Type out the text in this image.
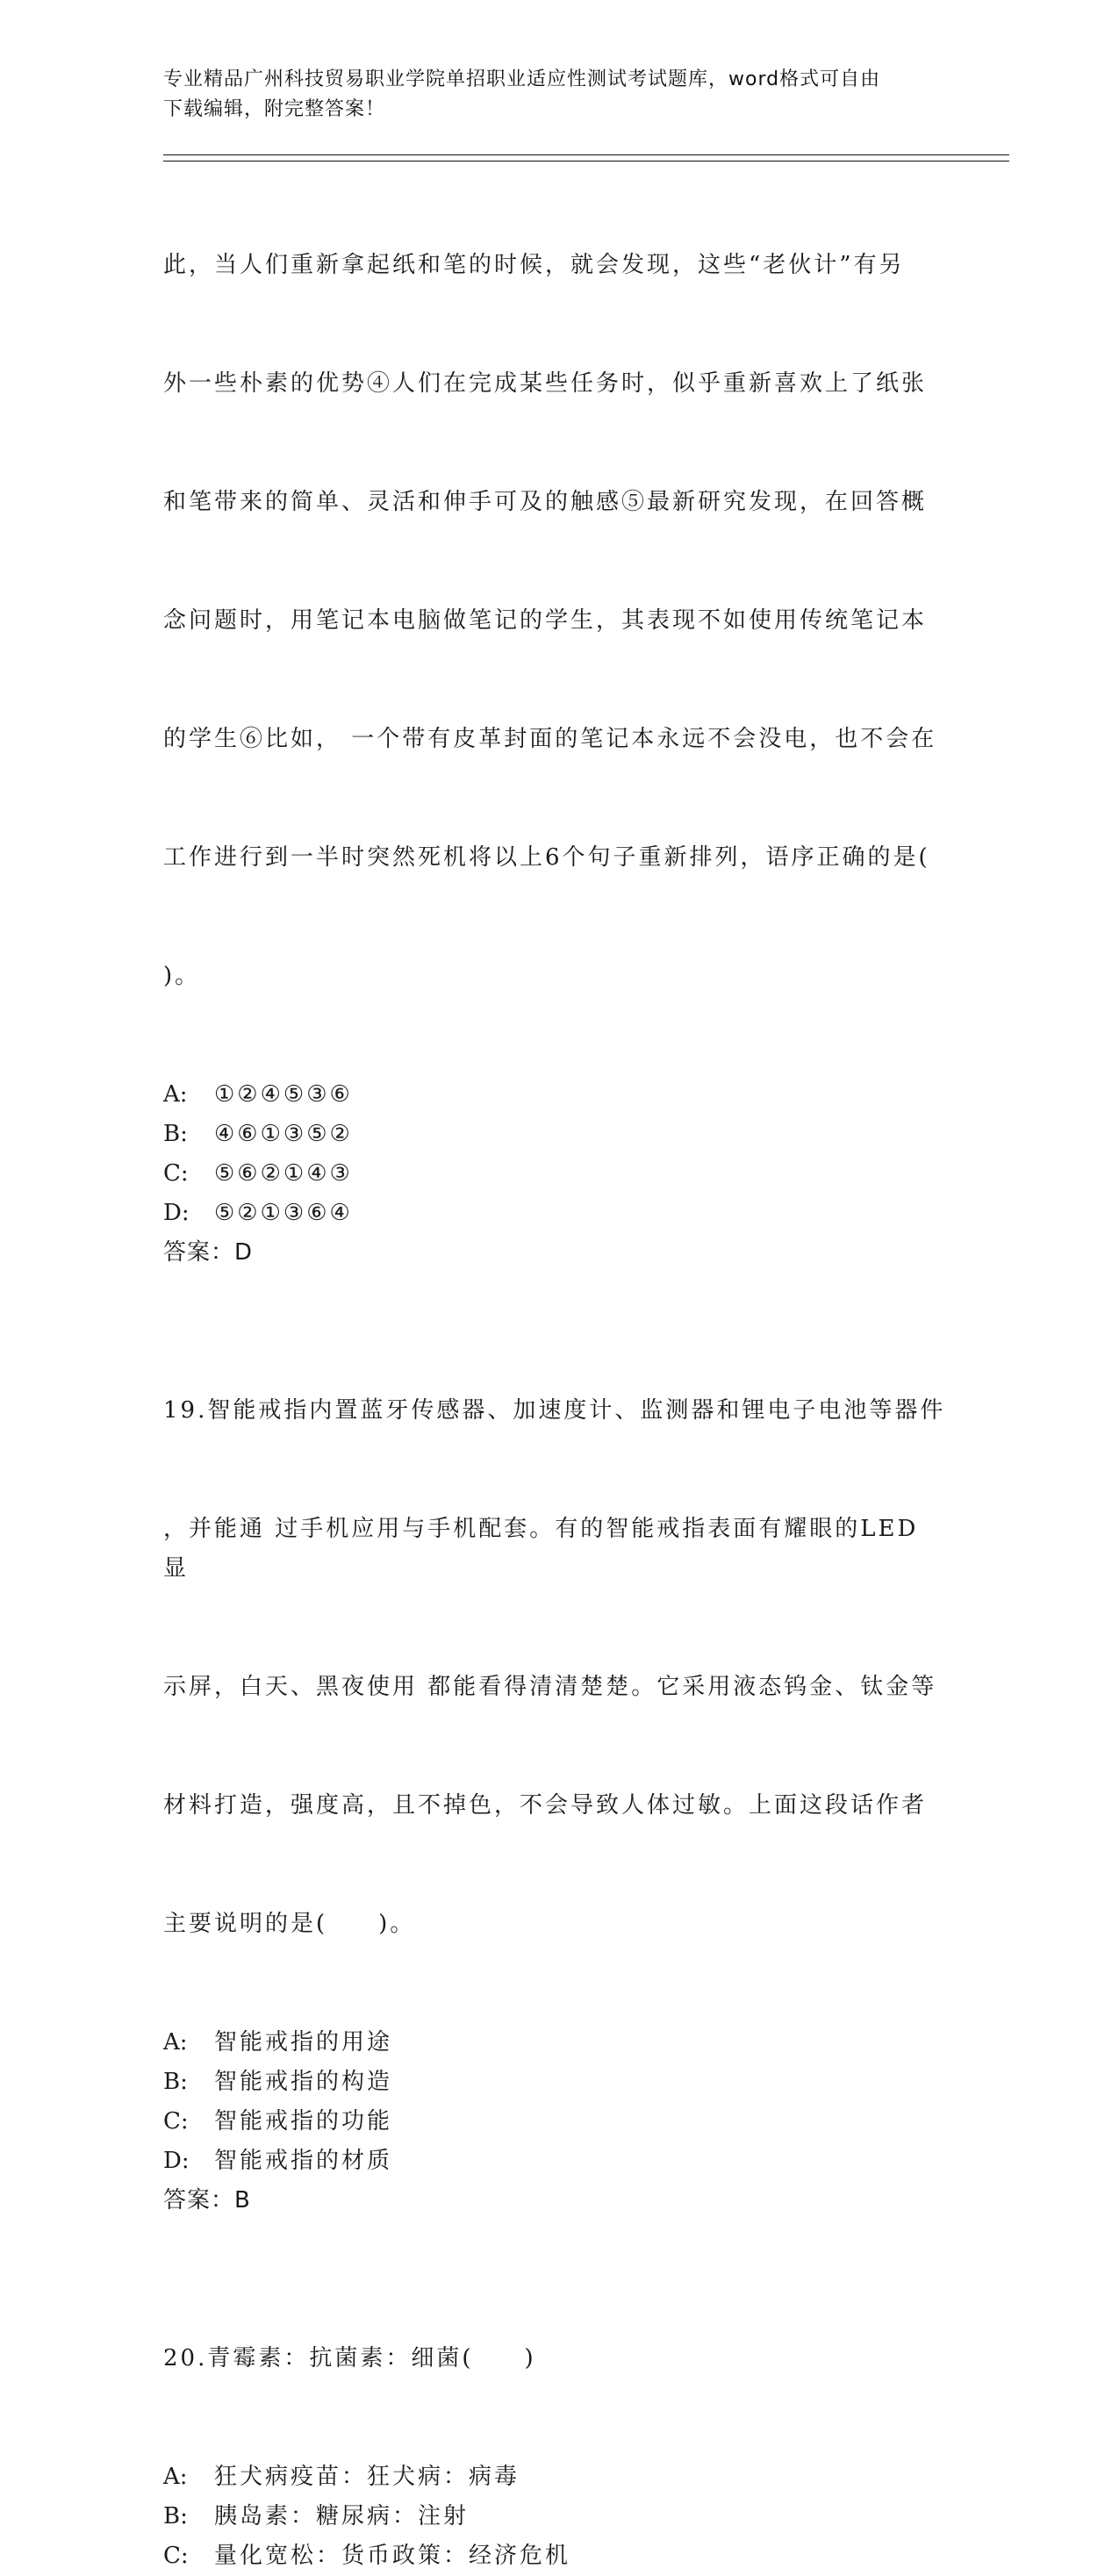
专业精品广州科技贸易职业学院单招职业适应性测试考试题库，word格式可自由
下载编辑，附完整答案！

此，当人们重新拿起纸和笔的时候，就会发现，这些“老伙计”有另

外一些朴素的优势④人们在完成某些任务时，似乎重新喜欢上了纸张

和笔带来的简单、灵活和伸手可及的触感⑤最新研究发现，在回答概

念问题时，用笔记本电脑做笔记的学生，其表现不如使用传统笔记本

的学生⑥比如， 一个带有皮革封面的笔记本永远不会没电，也不会在

工作进行到一半时突然死机将以上6个句子重新排列，语序正确的是(

)。

A:	①②④⑤③⑥
B:	④⑥①③⑤②
C:	⑤⑥②①④③
D:	⑤②①③⑥④
答案：D

19.智能戒指内置蓝牙传感器、加速度计、监测器和锂电子电池等器件

，并能通 过手机应用与手机配套。有的智能戒指表面有耀眼的LED 显

示屏，白天、黑夜使用 都能看得清清楚楚。它采用液态钨金、钛金等

材料打造，强度高，且不掉色，不会导致人体过敏。上面这段话作者

主要说明的是(　　)。

A:	智能戒指的用途
B:	智能戒指的构造
C:	智能戒指的功能
D:	智能戒指的材质
答案：B

20.青霉素：抗菌素：细菌(　　)

A:	狂犬病疫苗：狂犬病：病毒
B:	胰岛素：糖尿病：注射
C:	量化宽松：货币政策：经济危机
